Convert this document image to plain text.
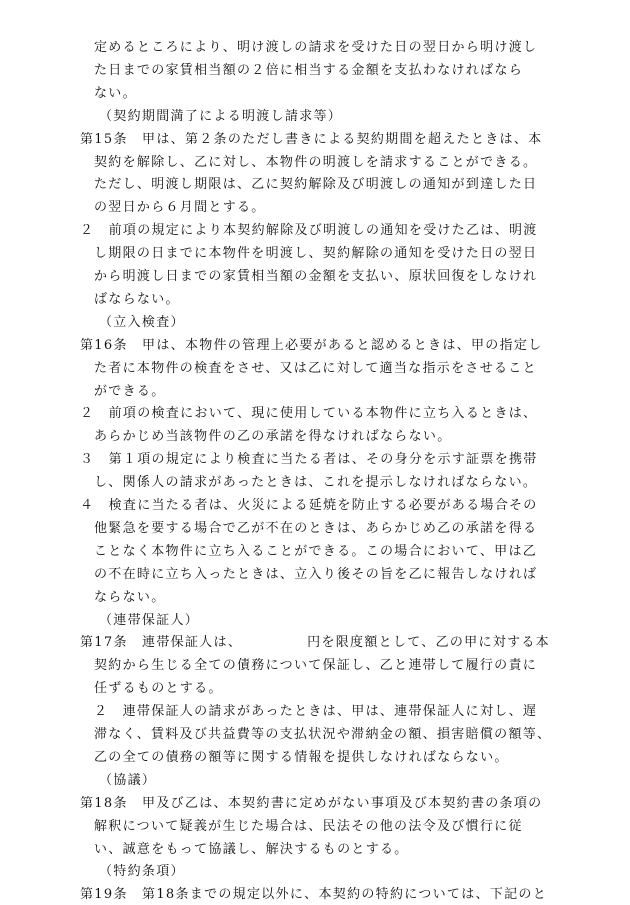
定めるところにより、明け渡しの請求を受けた日の翌日から明け渡し
た日までの家賃相当額の２倍に相当する金額を支払わなければなら
ない。
（契約期間満了による明渡し請求等）
第15条　甲は、第２条のただし書きによる契約期間を超えたときは、本
契約を解除し、乙に対し、本物件の明渡しを請求することができる。
ただし、明渡し期限は、乙に契約解除及び明渡しの通知が到達した日
の翌日から６月間とする。
２　前項の規定により本契約解除及び明渡しの通知を受けた乙は、明渡
し期限の日までに本物件を明渡し、契約解除の通知を受けた日の翌日
から明渡し日までの家賃相当額の金額を支払い、原状回復をしなけれ
ばならない。
（立入検査）
第16条　甲は、本物件の管理上必要があると認めるときは、甲の指定し
た者に本物件の検査をさせ、又は乙に対して適当な指示をさせること
ができる。
２　前項の検査において、現に使用している本物件に立ち入るときは、
あらかじめ当該物件の乙の承諾を得なければならない。
３　第１項の規定により検査に当たる者は、その身分を示す証票を携帯
し、関係人の請求があったときは、これを提示しなければならない。
４　検査に当たる者は、火災による延焼を防止する必要がある場合その
他緊急を要する場合で乙が不在のときは、あらかじめ乙の承諾を得る
ことなく本物件に立ち入ることができる。この場合において、甲は乙
の不在時に立ち入ったときは、立入り後その旨を乙に報告しなければ
ならない。
（連帯保証人）
第17条　連帯保証人は、　　　　　円を限度額として、乙の甲に対する本
契約から生じる全ての債務について保証し、乙と連帯して履行の責に
任ずるものとする。
２　連帯保証人の請求があったときは、甲は、連帯保証人に対し、遅
滞なく、賃料及び共益費等の支払状況や滞納金の額、損害賠償の額等、
乙の全ての債務の額等に関する情報を提供しなければならない。
（協議）
第18条　甲及び乙は、本契約書に定めがない事項及び本契約書の条項の
解釈について疑義が生じた場合は、民法その他の法令及び慣行に従
い、誠意をもって協議し、解決するものとする。
（特約条項）
第19条　第18条までの規定以外に、本契約の特約については、下記のと
